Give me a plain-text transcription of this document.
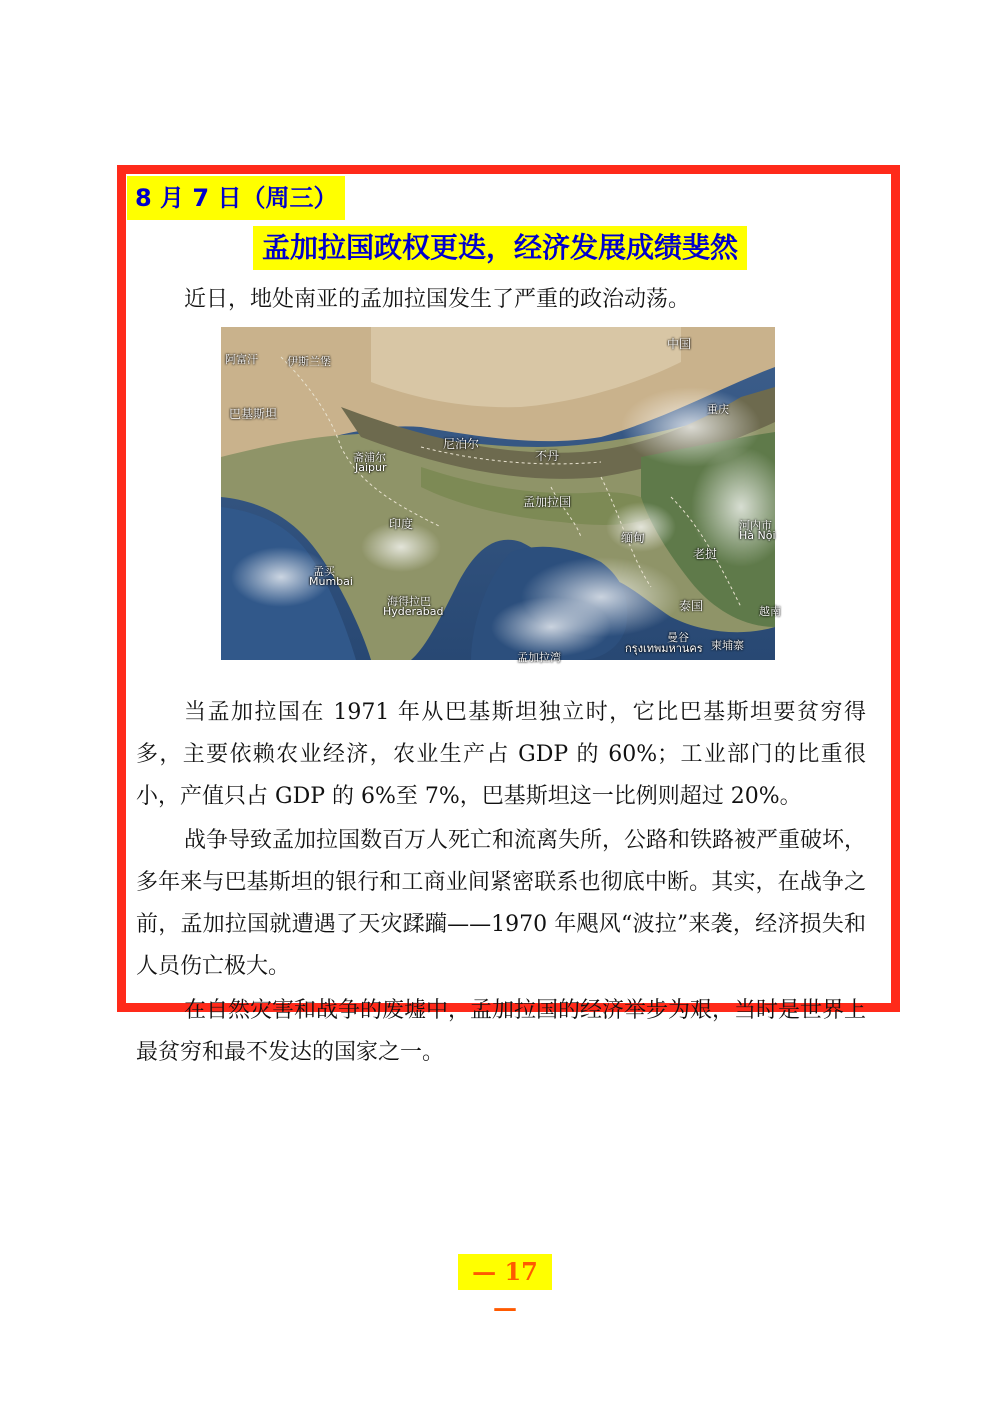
8 月 7 日（周三）
孟加拉国政权更迭，经济发展成绩斐然
近日，地处南亚的孟加拉国发生了严重的政治动荡。
中国
阿富汗	伊斯兰堡
巴基斯坦
尼泊尔
不丹
斋浦尔
Jaipur
重庆
孟加拉国
印度
缅甸
河内市
Hà Nội
老挝
孟买
Mumbai
海得拉巴
Hyderabad	泰国	越南
曼谷
กรุงเทพมหานคร 柬埔寨
孟加拉湾

当孟加拉国在 1971 年从巴基斯坦独立时，它比巴基斯坦要贫穷得多，主要依赖农业经济，农业生产占 GDP 的 60%；工业部门的比重很小，产值只占 GDP 的 6%至 7%，巴基斯坦这一比例则超过 20%。

战争导致孟加拉国数百万人死亡和流离失所，公路和铁路被严重破坏，多年来与巴基斯坦的银行和工商业间紧密联系也彻底中断。其实，在战争之前，孟加拉国就遭遇了天灾蹂躏——1970 年飓风“波拉”来袭，经济损失和人员伤亡极大。

在自然灾害和战争的废墟中，孟加拉国的经济举步为艰，当时是世界上最贫穷和最不发达的国家之一。

— 17 —
